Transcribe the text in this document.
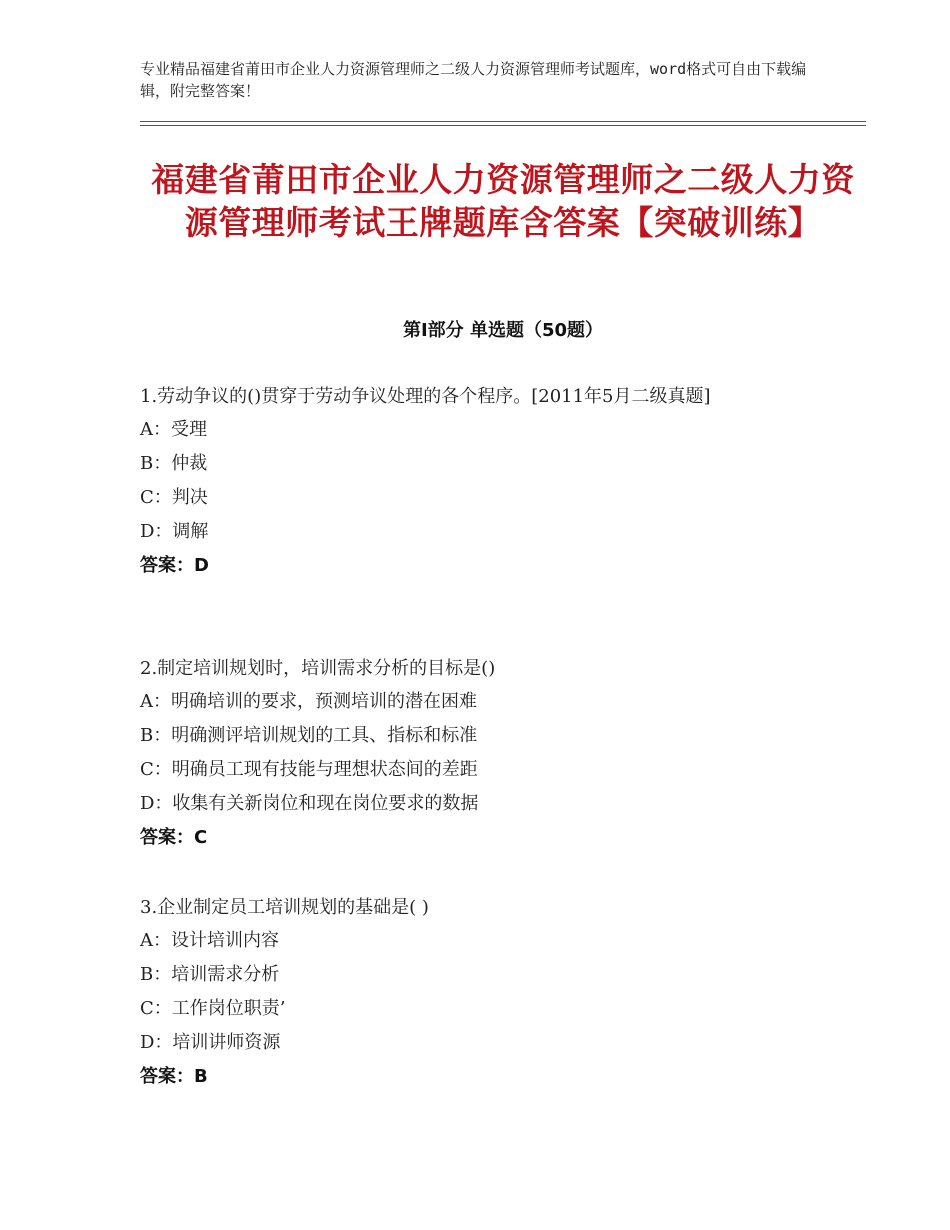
专业精品福建省莆田市企业人力资源管理师之二级人力资源管理师考试题库，word格式可自由下载编辑，附完整答案！
福建省莆田市企业人力资源管理师之二级人力资源管理师考试王牌题库含答案【突破训练】
第Ⅰ部分 单选题（50题）
1.劳动争议的()贯穿于劳动争议处理的各个程序。[2011年5月二级真题]
A：受理
B：仲裁
C：判决
D：调解
答案：D
2.制定培训规划时，培训需求分析的目标是()
A：明确培训的要求，预测培训的潜在困难
B：明确测评培训规划的工具、指标和标准
C：明确员工现有技能与理想状态间的差距
D：收集有关新岗位和现在岗位要求的数据
答案：C
3.企业制定员工培训规划的基础是( )
A：设计培训内容
B：培训需求分析
C：工作岗位职责’
D：培训讲师资源
答案：B
